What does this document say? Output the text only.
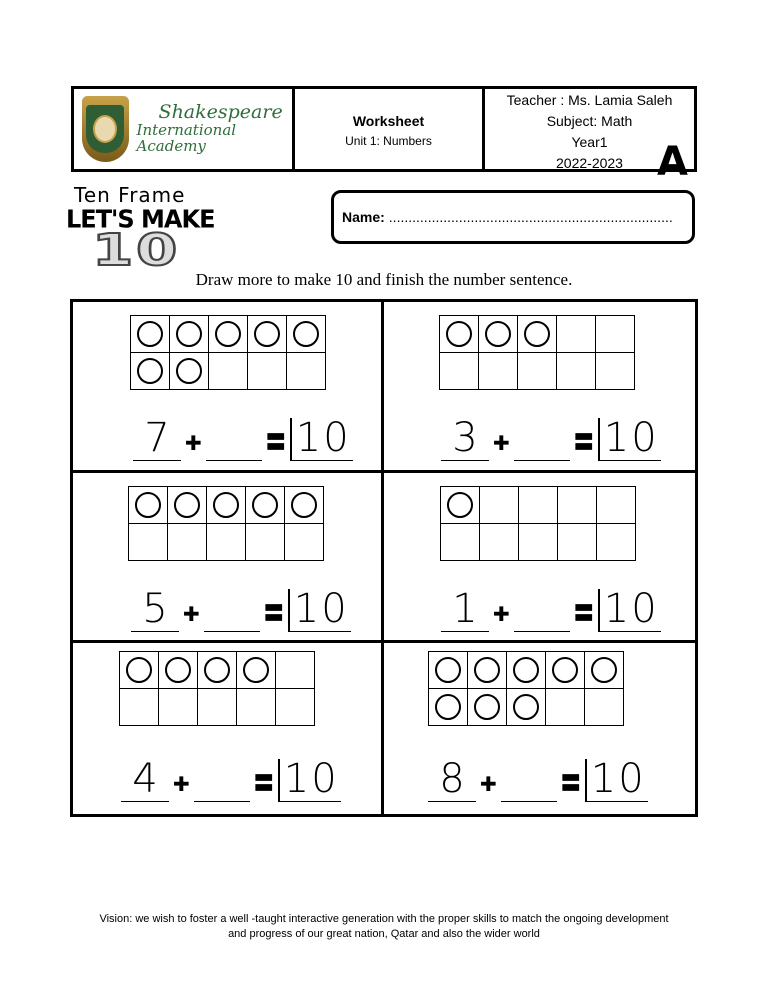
Shakespeare
International Academy
Worksheet
Unit 1: Numbers
Teacher : Ms. Lamia Saleh
Subject: Math
Year1
2022-2023 A
Ten Frame
LET'S MAKE
10
Name: .........................................................................
Draw more to make 10 and finish the number sentence.

7 ✚	〓 10

					3 ✚	〓 10

5 ✚	〓 10

					1 ✚	〓 10

4 ✚	〓 10

					8 ✚	〓 10
Vision: we wish to foster a well -taught interactive generation with the proper skills to match the ongoing development
and progress of our great nation, Qatar and also the wider world
